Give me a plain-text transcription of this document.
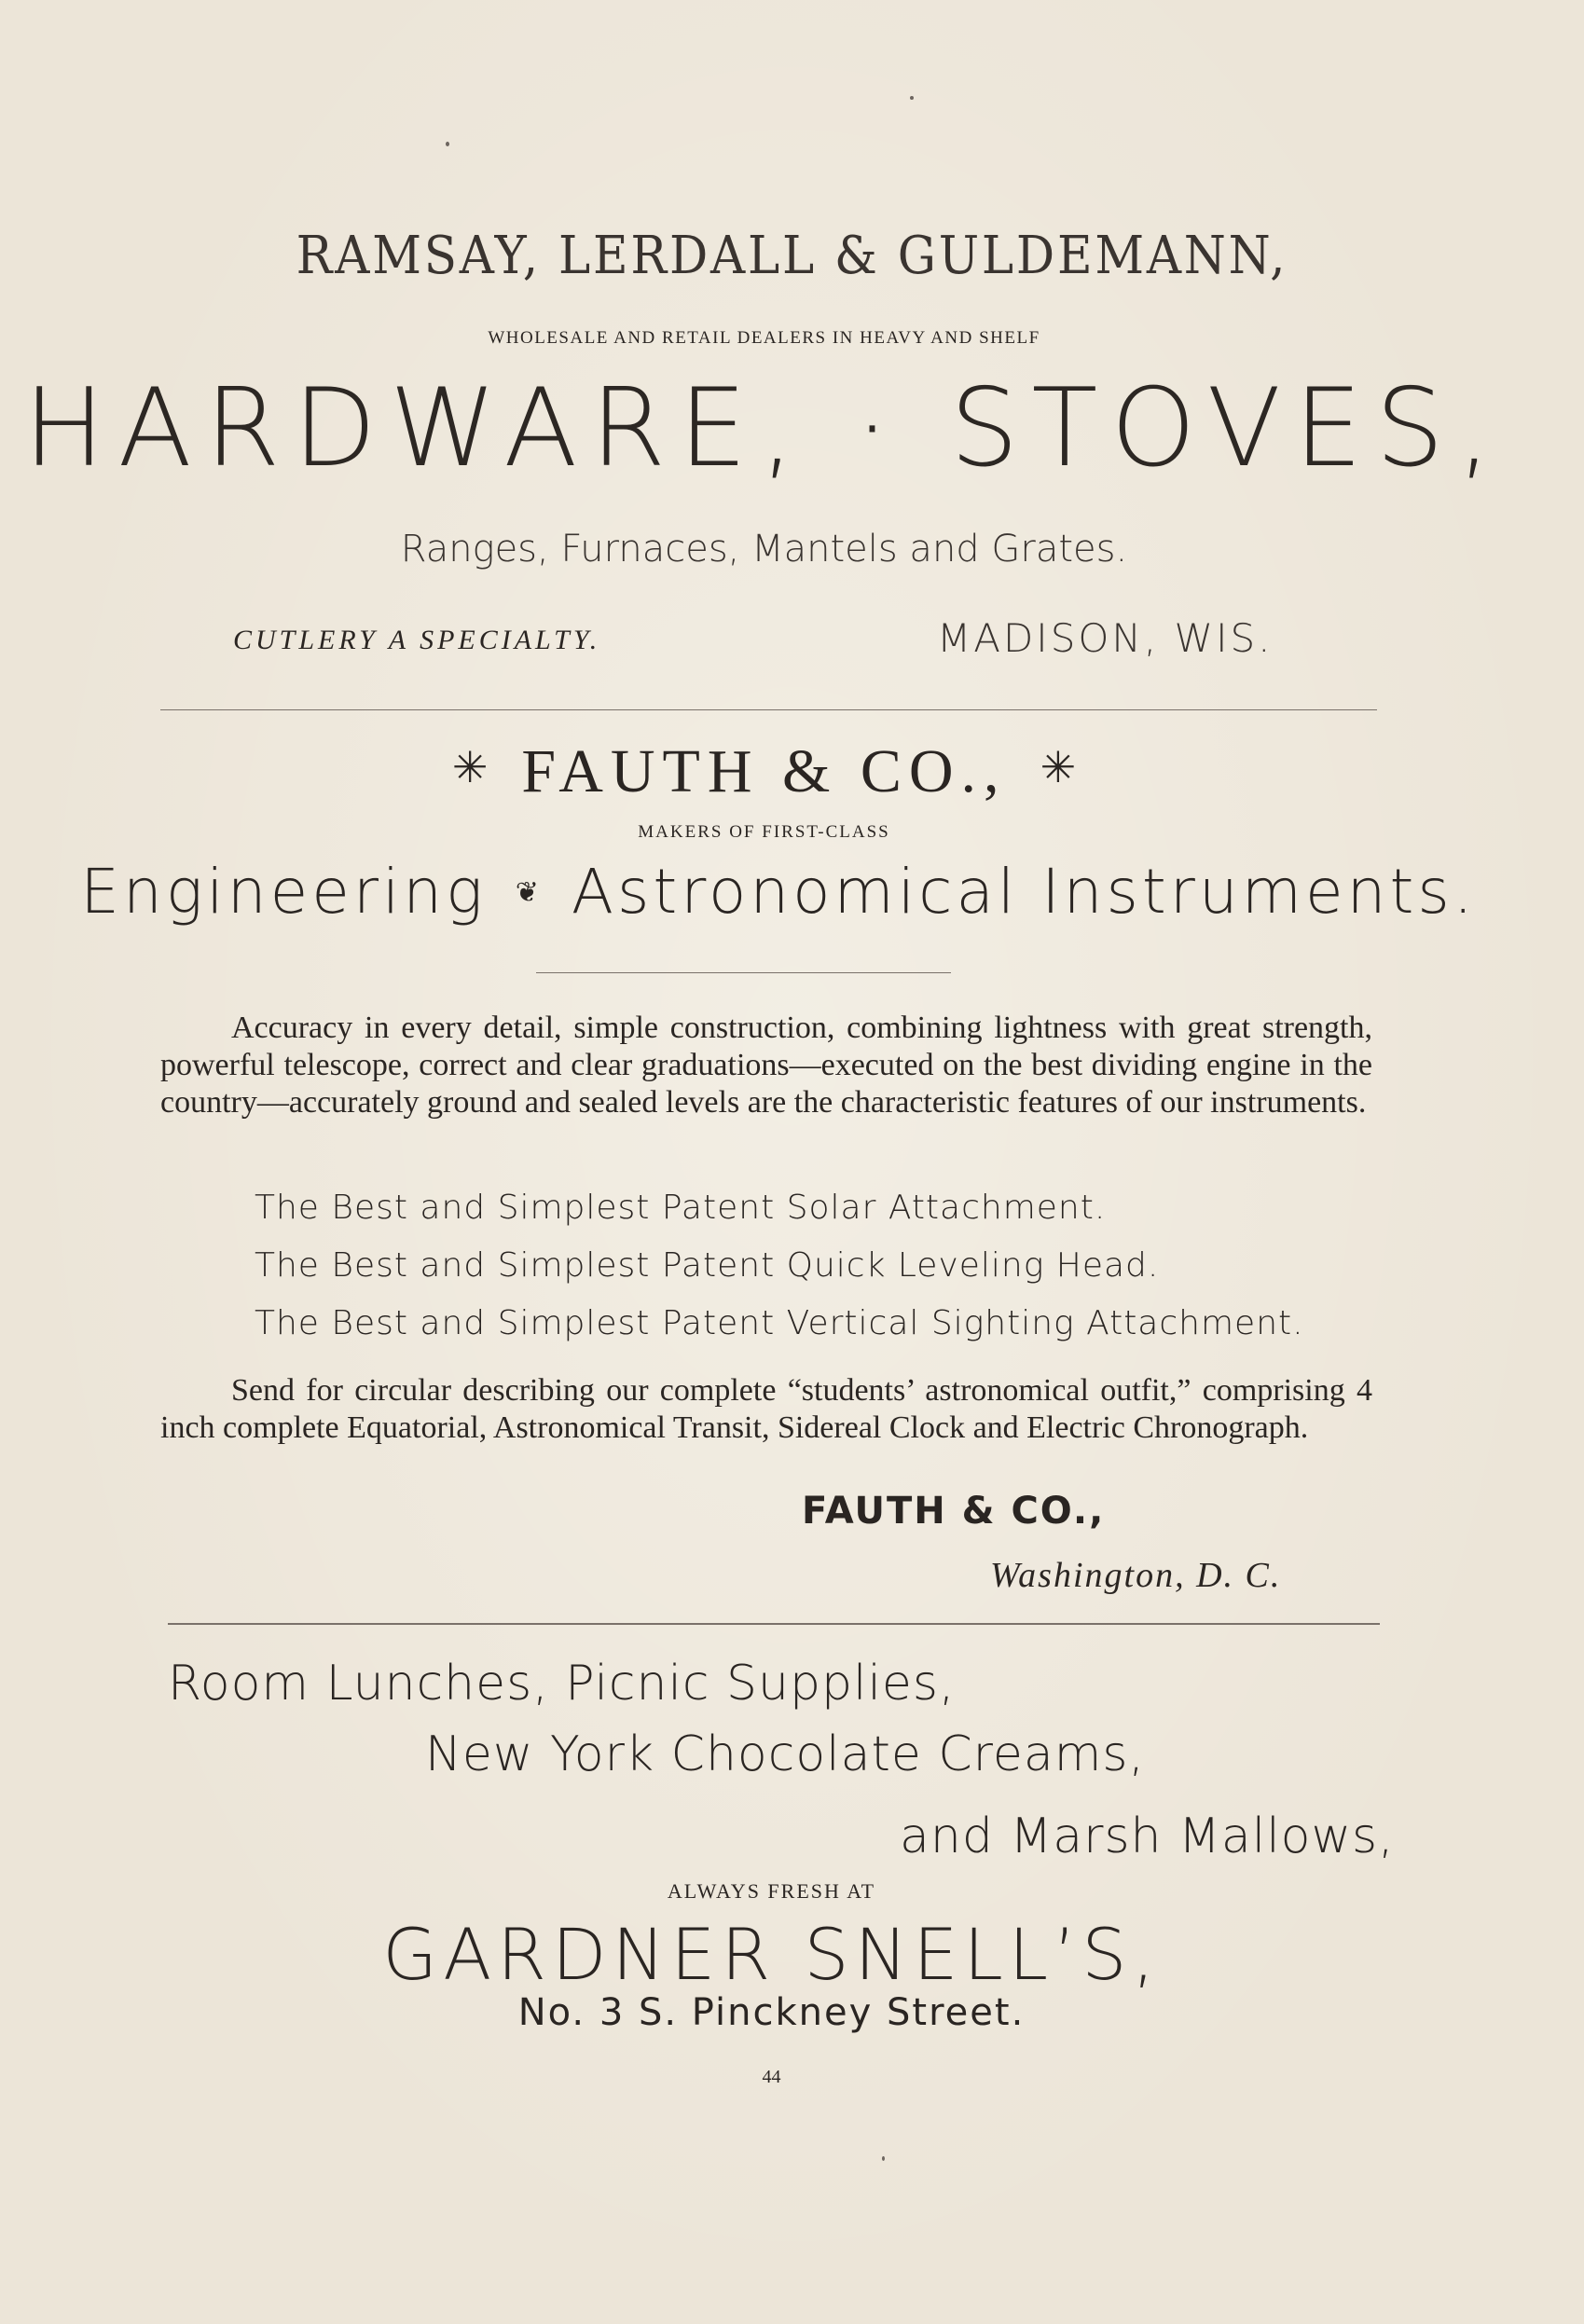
RAMSAY, LERDALL & GULDEMANN,

WHOLESALE AND RETAIL DEALERS IN HEAVY AND SHELF

HARDWARE, · STOVES,

Ranges, Furnaces, Mantels and Grates.

CUTLERY A SPECIALTY.	MADISON, WIS.

✳ FAUTH & CO., ✳

MAKERS OF FIRST-CLASS

Engineering ❦ Astronomical Instruments.

Accuracy in every detail, simple construction, combining lightness with great strength, powerful telescope, correct and clear graduations—executed on the best dividing engine in the country—accurately ground and sealed levels are the characteristic features of our instruments.

The Best and Simplest Patent Solar Attachment.

The Best and Simplest Patent Quick Leveling Head.

The Best and Simplest Patent Vertical Sighting Attachment.

Send for circular describing our complete “students’ astronomical outfit,” comprising 4 inch complete Equatorial, Astronomical Transit, Sidereal Clock and Electric Chronograph.

FAUTH & CO.,

Washington, D. C.

Room Lunches, Picnic Supplies,

New York Chocolate Creams,

and Marsh Mallows,

ALWAYS FRESH AT

GARDNER SNELL’S,

No. 3 S. Pinckney Street.

44
